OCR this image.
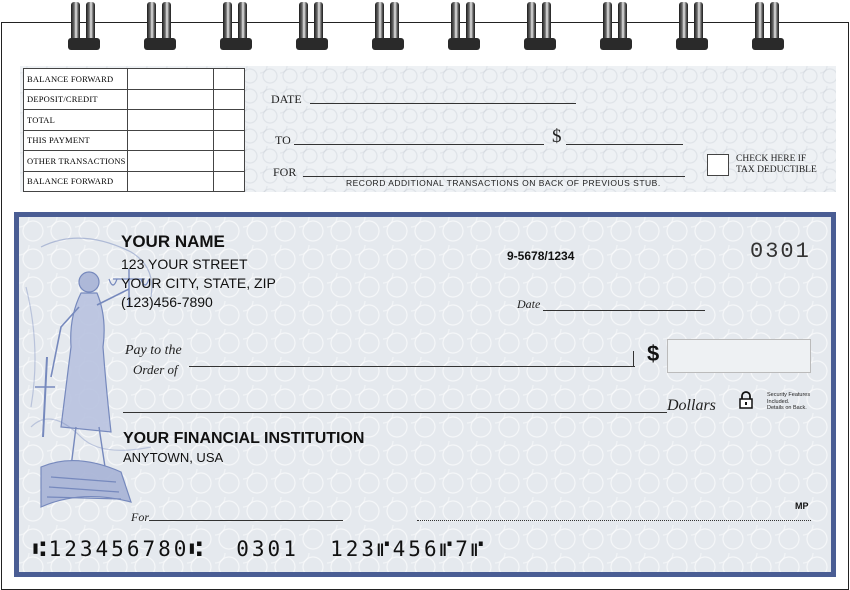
BALANCE FORWARD		
DEPOSIT/CREDIT		
TOTAL		
THIS PAYMENT		
OTHER TRANSACTIONS		
BALANCE FORWARD		
DATE
TO	$
FOR
RECORD ADDITIONAL TRANSACTIONS ON BACK OF PREVIOUS STUB.
CHECK HERE IF
TAX DEDUCTIBLE
YOUR NAME
123 YOUR STREET
YOUR CITY, STATE, ZIP
(123)456-7890
9-5678/1234	0301
Date
Pay to the
Order of
$
Dollars
Security Features
Included.
Details on Back.
YOUR FINANCIAL INSTITUTION
ANYTOWN, USA
For
MP
⑆123456780⑆  0301  123⑈456⑈7⑈
